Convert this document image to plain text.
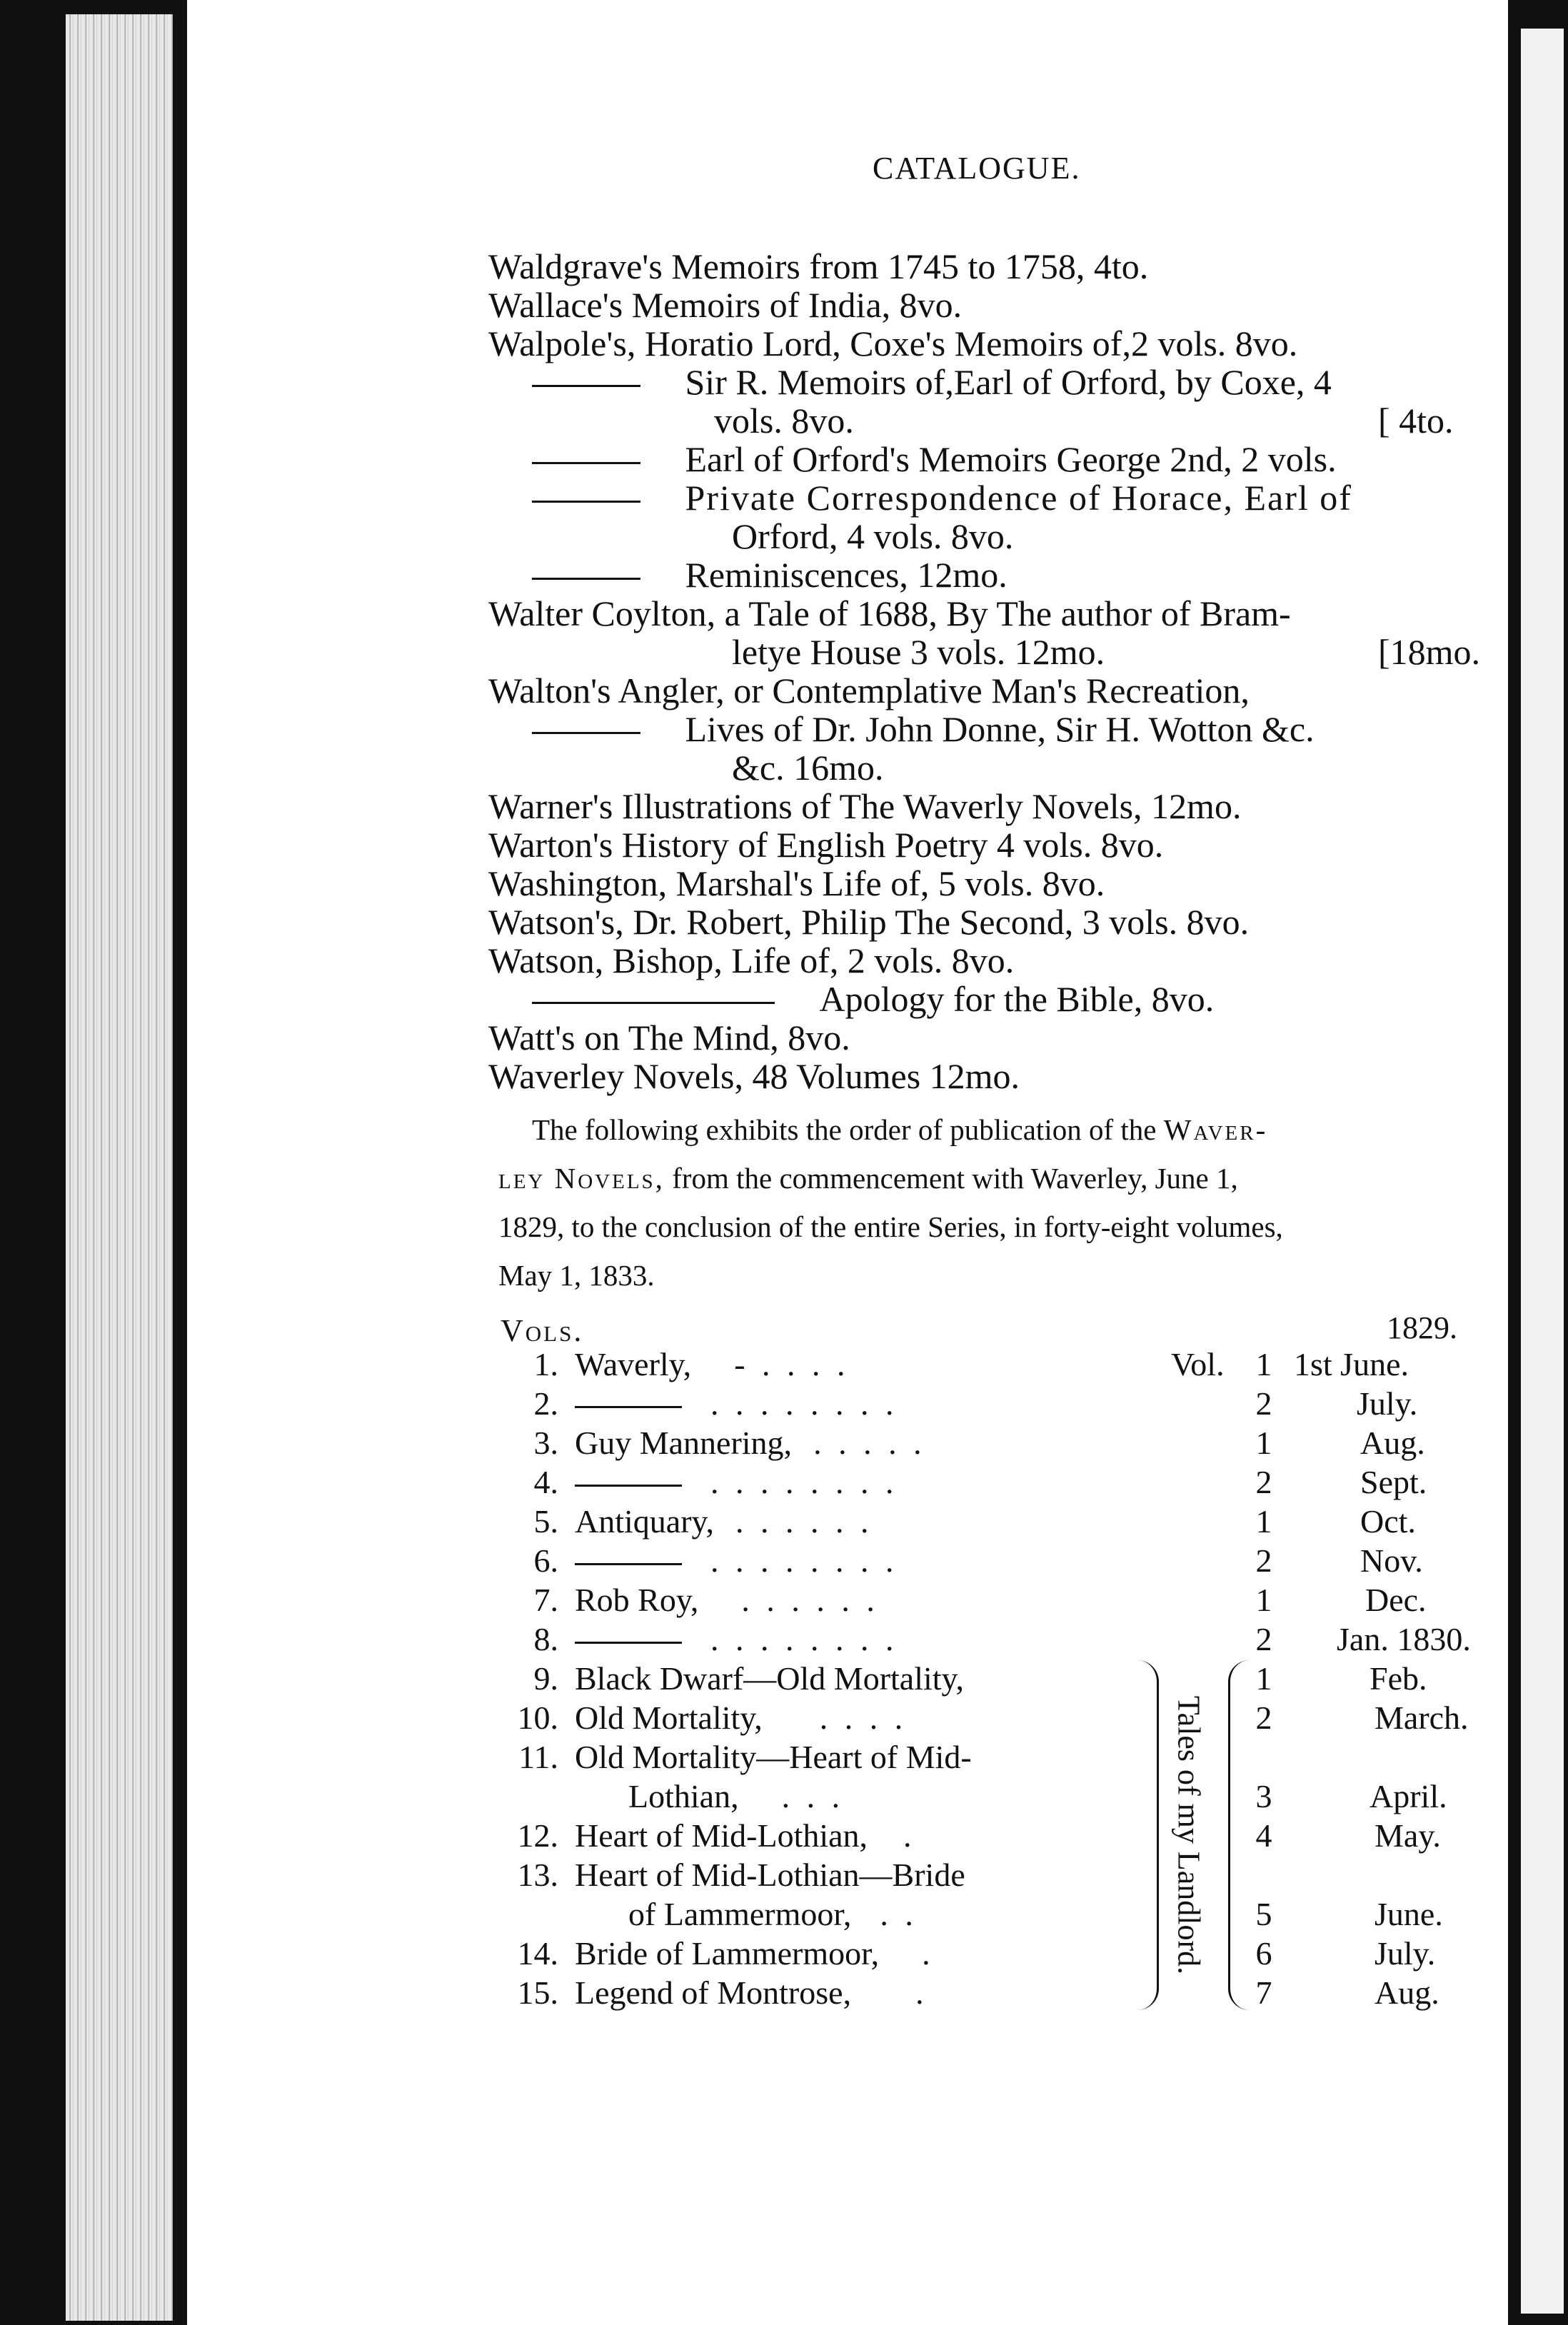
CATALOGUE.
Waldgrave's Memoirs from 1745 to 1758, 4to.
Wallace's Memoirs of India, 8vo.
Walpole's, Horatio Lord, Coxe's Memoirs of,2 vols. 8vo.
Sir R. Memoirs of,Earl of Orford, by Coxe, 4
vols. 8vo.	[ 4to.
Earl of Orford's Memoirs George 2nd, 2 vols.
Private Correspondence of Horace, Earl of
Orford, 4 vols. 8vo.
Reminiscences, 12mo.
Walter Coylton, a Tale of 1688, By The author of Bram-
letye House 3 vols. 12mo.	[18mo.
Walton's Angler, or Contemplative Man's Recreation,
Lives of Dr. John Donne, Sir H. Wotton &c.
&c. 16mo.
Warner's Illustrations of The Waverly Novels, 12mo.
Warton's History of English Poetry 4 vols. 8vo.
Washington, Marshal's Life of, 5 vols. 8vo.
Watson's, Dr. Robert, Philip The Second, 3 vols. 8vo.
Watson, Bishop, Life of, 2 vols. 8vo.
Apology for the Bible, 8vo.
Watt's on The Mind, 8vo.
Waverley Novels, 48 Volumes 12mo.
The following exhibits the order of publication of the Waver-
ley Novels, from the commencement with Waverley, June 1,
1829, to the conclusion of the entire Series, in forty-eight volumes,
May 1, 1833.
Vols.	1829.
1. Waverly, - . . . .	Vol. 1 1st June.
2.	. . . . . . . .	2	July.
3. Guy Mannering, . . . . .	1	Aug.
4.	. . . . . . . .	2	Sept.
5. Antiquary, . . . . . .	1	Oct.
6.	. . . . . . . .	2	Nov.
7. Rob Roy, . . . . . .	1	Dec.
8.	. . . . . . . .	2 Jan. 1830.
9. Black Dwarf—Old Mortality,	1	Feb.
10. Old Mortality, . . . .	2	March.
11. Old Mortality—Heart of Mid-
Lothian, . . .	3	April.
12. Heart of Mid-Lothian, .	4	May.
13. Heart of Mid-Lothian—Bride
of Lammermoor, . .	5	June.
14. Bride of Lammermoor, .	6	July.
15. Legend of Montrose, .	7	Aug.
Tales of my Landlord.
